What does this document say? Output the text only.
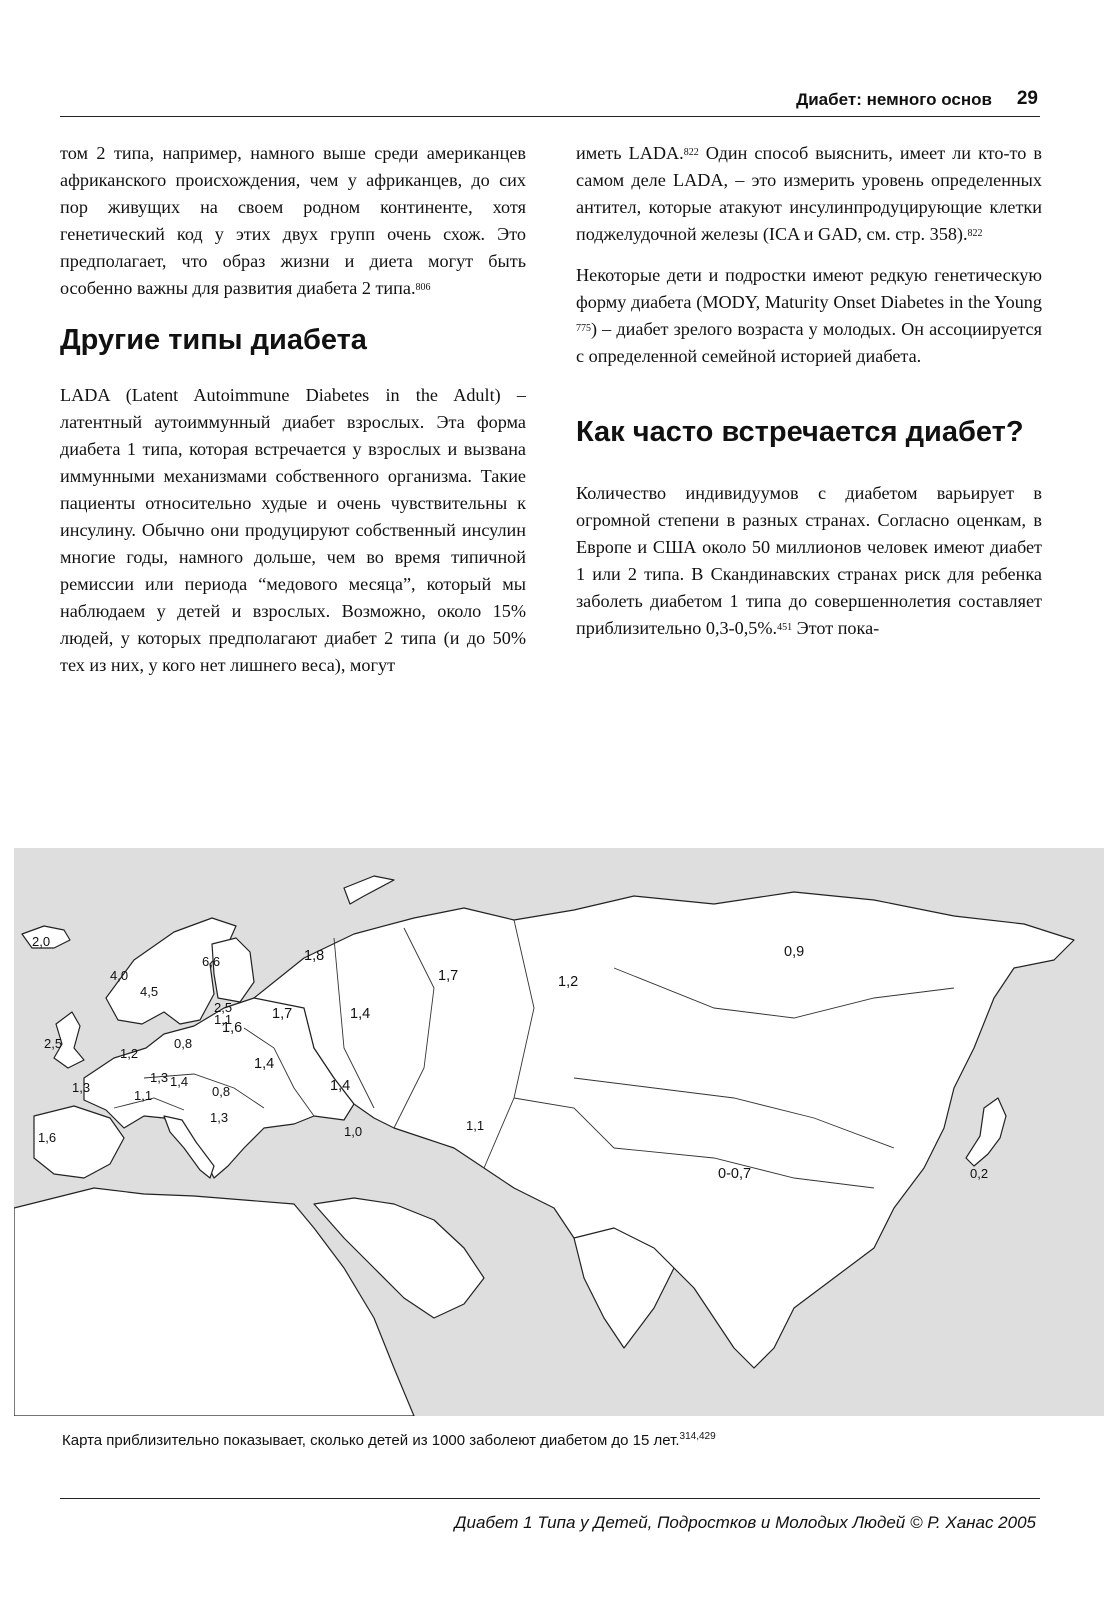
Диабет: немного основ 29

том 2 типа, например, намного выше среди американцев африканского происхождения, чем у африканцев, до сих пор живущих на своем родном континенте, хотя генетический код у этих двух групп очень схож. Это предполагает, что образ жизни и диета могут быть особенно важны для развития диабета 2 типа.$^{806}$

Другие типы диабета

LADA (Latent Autoimmune Diabetes in the Adult) – латентный аутоиммунный диабет взрослых. Эта форма диабета 1 типа, которая встречается у взрослых и вызвана иммунными механизмами собственного организма. Такие пациенты относительно худые и очень чувствительны к инсулину. Обычно они продуцируют собственный инсулин многие годы, намного дольше, чем во время типичной ремиссии или периода “медового месяца”, который мы наблюдаем у детей и взрослых. Возможно, около 15% людей, у которых предполагают диабет 2 типа (и до 50% тех из них, у кого нет лишнего веса), могут

иметь LADA.$^{822}$ Один способ выяснить, имеет ли кто-то в самом деле LADA, – это измерить уровень определенных антител, которые атакуют инсулинпродуцирующие клетки поджелудочной железы (ICA и GAD, см. стр. 358).$^{822}$

Некоторые дети и подростки имеют редкую генетическую форму диабета (MODY, Maturity Onset Diabetes in the Young $^{775}$) – диабет зрелого возраста у молодых. Он ассоциируется с определенной семейной историей диабета.

Как часто встречается диабет?

Количество индивидуумов с диабетом варьирует в огромной степени в разных странах. Согласно оценкам, в Европе и США около 50 миллионов человек имеют диабет 1 или 2 типа. В Скандинавских странах риск для ребенка заболеть диабетом 1 типа до совершеннолетия составляет приблизительно 0,3-0,5%.$^{451}$ Этот пока-

2,0
4,0
4,5
6,6
2,5
1,3
1,6
1,2
0,8
1,6
1,3 1,4
0,8
1,3
1,1
2,5
1,1	1,7
1,4
1,4
1,8
1,7
1,4
1,2
0,9
0-0,7	0,2
1,0	1,1
Карта приблизительно показывает, сколько детей из 1000 заболеют диабетом до 15 лет.$^{314,429}$
Диабет 1 Типа у Детей, Подростков и Молодых Людей © Р. Ханас 2005
